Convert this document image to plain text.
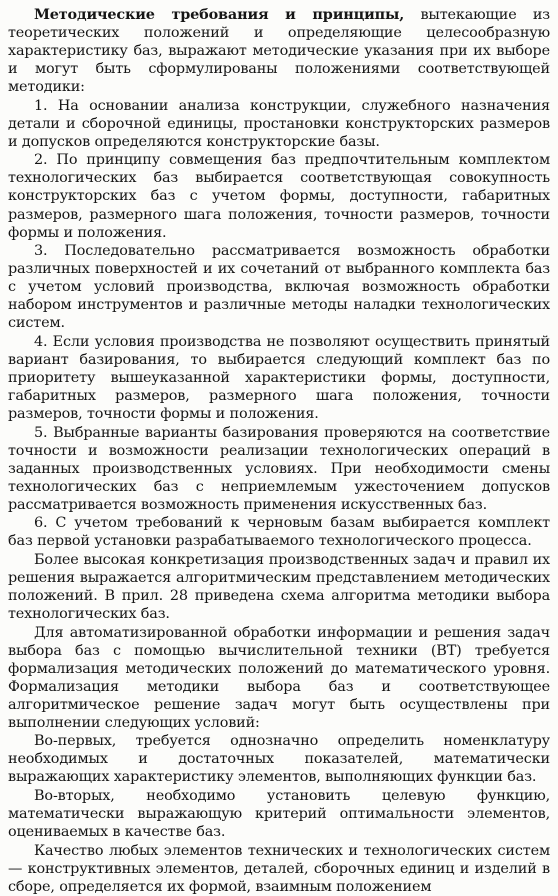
Методические требования и принципы, вытекающие из теоретических положений и определяющие целесообразную характеристику баз, выражают методические указания при их выборе и могут быть сформулированы положениями соответствующей методики:

1. На основании анализа конструкции, служебного назначения детали и сборочной единицы, простановки конструкторских размеров и допусков определяются конструкторские базы.

2. По принципу совмещения баз предпочтительным комплектом технологических баз выбирается соответствующая совокупность конструкторских баз с учетом формы, доступности, габаритных размеров, размерного шага положения, точности размеров, точности формы и положения.

3. Последовательно рассматривается возможность обработки различных поверхностей и их сочетаний от выбранного комплекта баз с учетом условий производства, включая возможность обработки набором инструментов и различные методы наладки технологических систем.

4. Если условия производства не позволяют осуществить принятый вариант базирования, то выбирается следующий комплект баз по приоритету вышеуказанной характеристики формы, доступности, габаритных размеров, размерного шага положения, точности размеров, точности формы и положения.

5. Выбранные варианты базирования проверяются на соответствие точности и возможности реализации технологических операций в заданных производственных условиях. При необходимости смены технологических баз с неприемлемым ужесточением допусков рассматривается возможность применения искусственных баз.

6. С учетом требований к черновым базам выбирается комплект баз первой установки разрабатываемого технологического процесса.

Более высокая конкретизация производственных задач и правил их решения выражается алгоритмическим представлением методических положений. В прил. 28 приведена схема алгоритма методики выбора технологических баз.

Для автоматизированной обработки информации и решения задач выбора баз с помощью вычислительной техники (ВТ) требуется формализация методических положений до математического уровня. Формализация методики выбора баз и соответствующее алгоритмическое решение задач могут быть осуществлены при выполнении следующих условий:

Во-первых, требуется однозначно определить номенклатуру необходимых и достаточных показателей, математически выражающих характеристику элементов, выполняющих функции баз.

Во-вторых, необходимо установить целевую функцию, математически выражающую критерий оптимальности элементов, оцениваемых в качестве баз.

Качество любых элементов технических и технологических систем — конструктивных элементов, деталей, сборочных единиц и изделий в сборе, определяется их формой, взаимным положением
